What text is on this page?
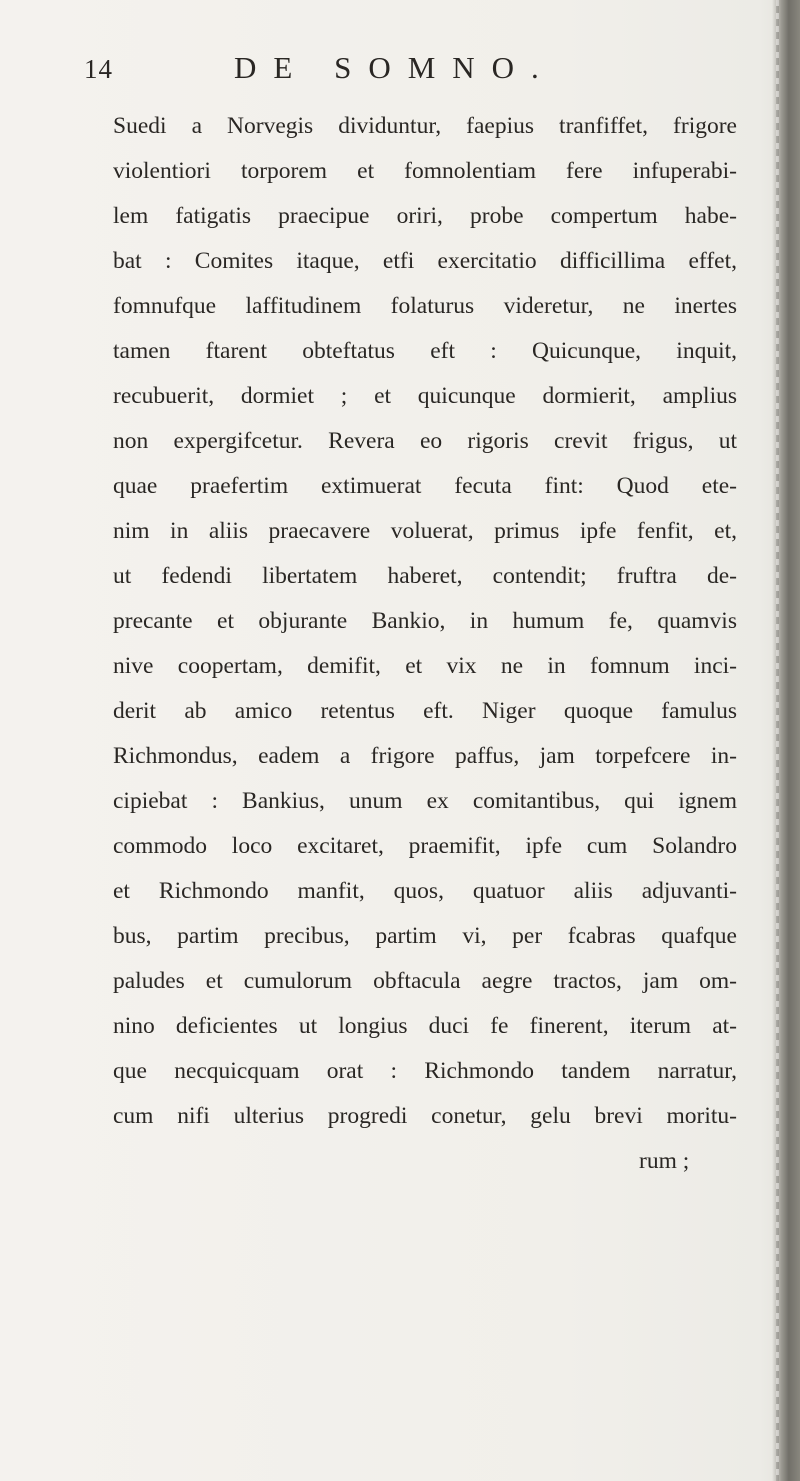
14	DE SOMNO.
Suedi a Norvegis dividuntur, faepius tranfiffet, frigore
violentiori torporem et fomnolentiam fere infuperabi-
lem fatigatis praecipue oriri, probe compertum habe-
bat : Comites itaque, etfi exercitatio difficillima effet,
fomnufque laffitudinem folaturus videretur, ne inertes
tamen ftarent obteftatus eft : Quicunque, inquit,
recubuerit, dormiet ; et quicunque dormierit, amplius
non expergifcetur. Revera eo rigoris crevit frigus, ut
quae praefertim extimuerat fecuta fint: Quod ete-
nim in aliis praecavere voluerat, primus ipfe fenfit, et,
ut fedendi libertatem haberet, contendit; fruftra de-
precante et objurante Bankio, in humum fe, quamvis
nive coopertam, demifit, et vix ne in fomnum inci-
derit ab amico retentus eft. Niger quoque famulus
Richmondus, eadem a frigore paffus, jam torpefcere in-
cipiebat : Bankius, unum ex comitantibus, qui ignem
commodo loco excitaret, praemifit, ipfe cum Solandro
et Richmondo manfit, quos, quatuor aliis adjuvanti-
bus, partim precibus, partim vi, per fcabras quafque
paludes et cumulorum obftacula aegre tractos, jam om-
nino deficientes ut longius duci fe finerent, iterum at-
que necquicquam orat : Richmondo tandem narratur,
cum nifi ulterius progredi conetur, gelu brevi moritu-
rum ;
